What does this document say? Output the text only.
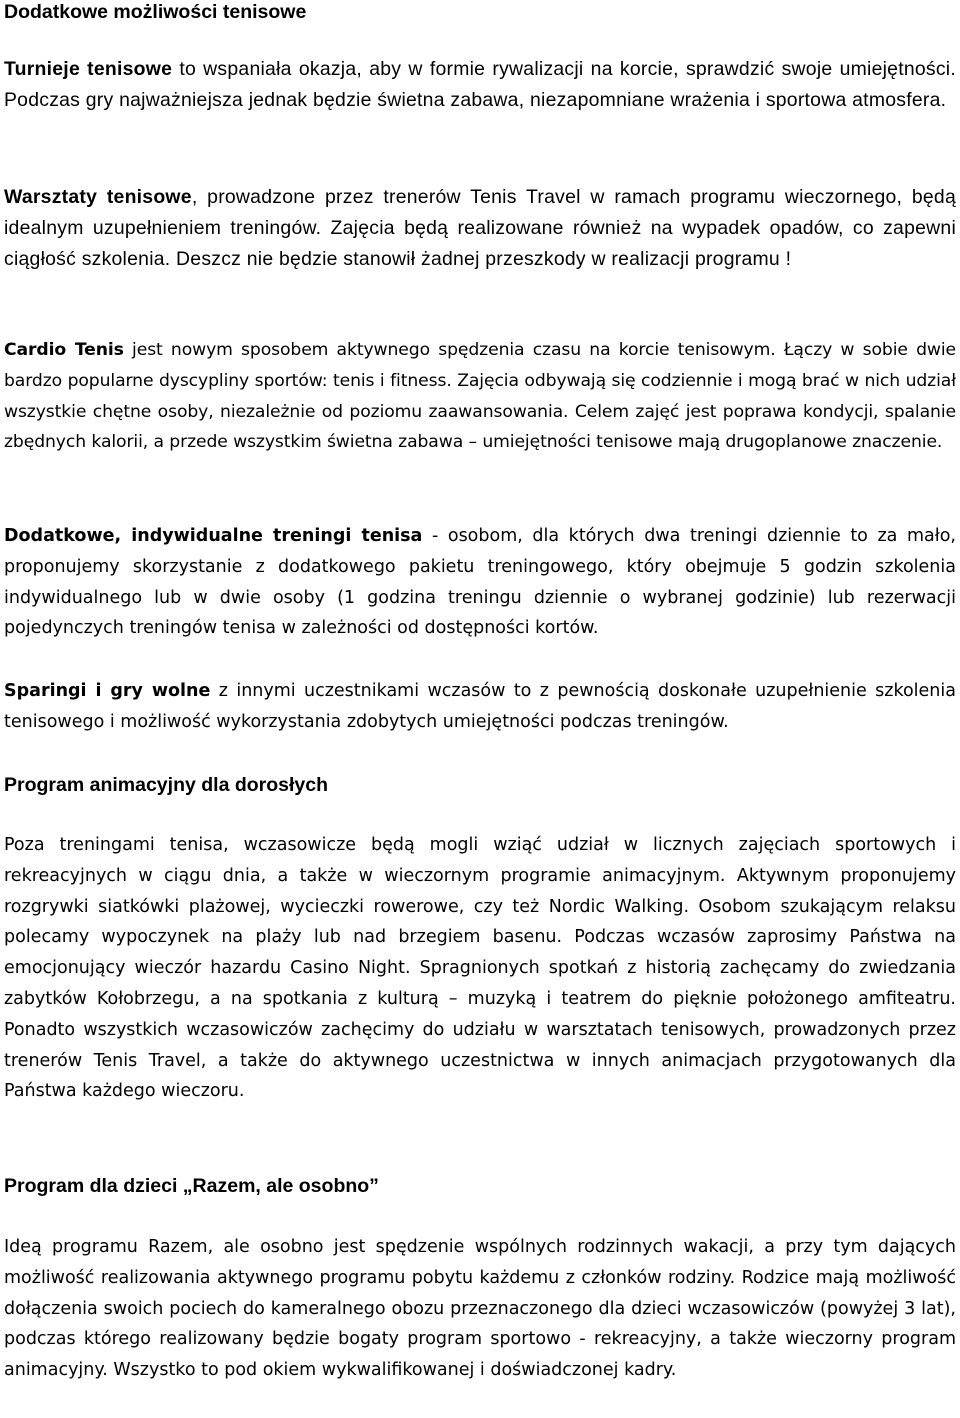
Dodatkowe możliwości tenisowe

Turnieje tenisowe to wspaniała okazja, aby w formie rywalizacji na korcie, sprawdzić swoje umiejętności. Podczas gry najważniejsza jednak będzie świetna zabawa, niezapomniane wrażenia i sportowa atmosfera.

Warsztaty tenisowe, prowadzone przez trenerów Tenis Travel w ramach programu wieczornego, będą idealnym uzupełnieniem treningów. Zajęcia będą realizowane również na wypadek opadów, co zapewni ciągłość szkolenia. Deszcz nie będzie stanowił żadnej przeszkody w realizacji programu !

Cardio Tenis jest nowym sposobem aktywnego spędzenia czasu na korcie tenisowym. Łączy w sobie dwie bardzo popularne dyscypliny sportów: tenis i fitness. Zajęcia odbywają się codziennie i mogą brać w nich udział wszystkie chętne osoby, niezależnie od poziomu zaawansowania. Celem zajęć jest poprawa kondycji, spalanie zbędnych kalorii, a przede wszystkim świetna zabawa – umiejętności tenisowe mają drugoplanowe znaczenie.

Dodatkowe, indywidualne treningi tenisa - osobom, dla których dwa treningi dziennie to za mało, proponujemy skorzystanie z dodatkowego pakietu treningowego, który obejmuje 5 godzin szkolenia indywidualnego lub w dwie osoby (1 godzina treningu dziennie o wybranej godzinie) lub rezerwacji pojedynczych treningów tenisa w zależności od dostępności kortów.

Sparingi i gry wolne z innymi uczestnikami wczasów to z pewnością doskonałe uzupełnienie szkolenia tenisowego i możliwość wykorzystania zdobytych umiejętności podczas treningów.

Program animacyjny dla dorosłych

Poza treningami tenisa, wczasowicze będą mogli wziąć udział w licznych zajęciach sportowych i rekreacyjnych w ciągu dnia, a także w wieczornym programie animacyjnym. Aktywnym proponujemy rozgrywki siatkówki plażowej, wycieczki rowerowe, czy też Nordic Walking. Osobom szukającym relaksu polecamy wypoczynek na plaży lub nad brzegiem basenu. Podczas wczasów zaprosimy Państwa na emocjonujący wieczór hazardu Casino Night. Spragnionych spotkań z historią zachęcamy do zwiedzania zabytków Kołobrzegu, a na spotkania z kulturą – muzyką i teatrem do pięknie położonego amfiteatru. Ponadto wszystkich wczasowiczów zachęcimy do udziału w warsztatach tenisowych, prowadzonych przez trenerów Tenis Travel, a także do aktywnego uczestnictwa w innych animacjach przygotowanych dla Państwa każdego wieczoru.

Program dla dzieci „Razem, ale osobno”

Ideą programu Razem, ale osobno jest spędzenie wspólnych rodzinnych wakacji, a przy tym dających możliwość realizowania aktywnego programu pobytu każdemu z członków rodziny. Rodzice mają możliwość dołączenia swoich pociech do kameralnego obozu przeznaczonego dla dzieci wczasowiczów (powyżej 3 lat), podczas którego realizowany będzie bogaty program sportowo - rekreacyjny, a także wieczorny program animacyjny. Wszystko to pod okiem wykwalifikowanej i doświadczonej kadry.
